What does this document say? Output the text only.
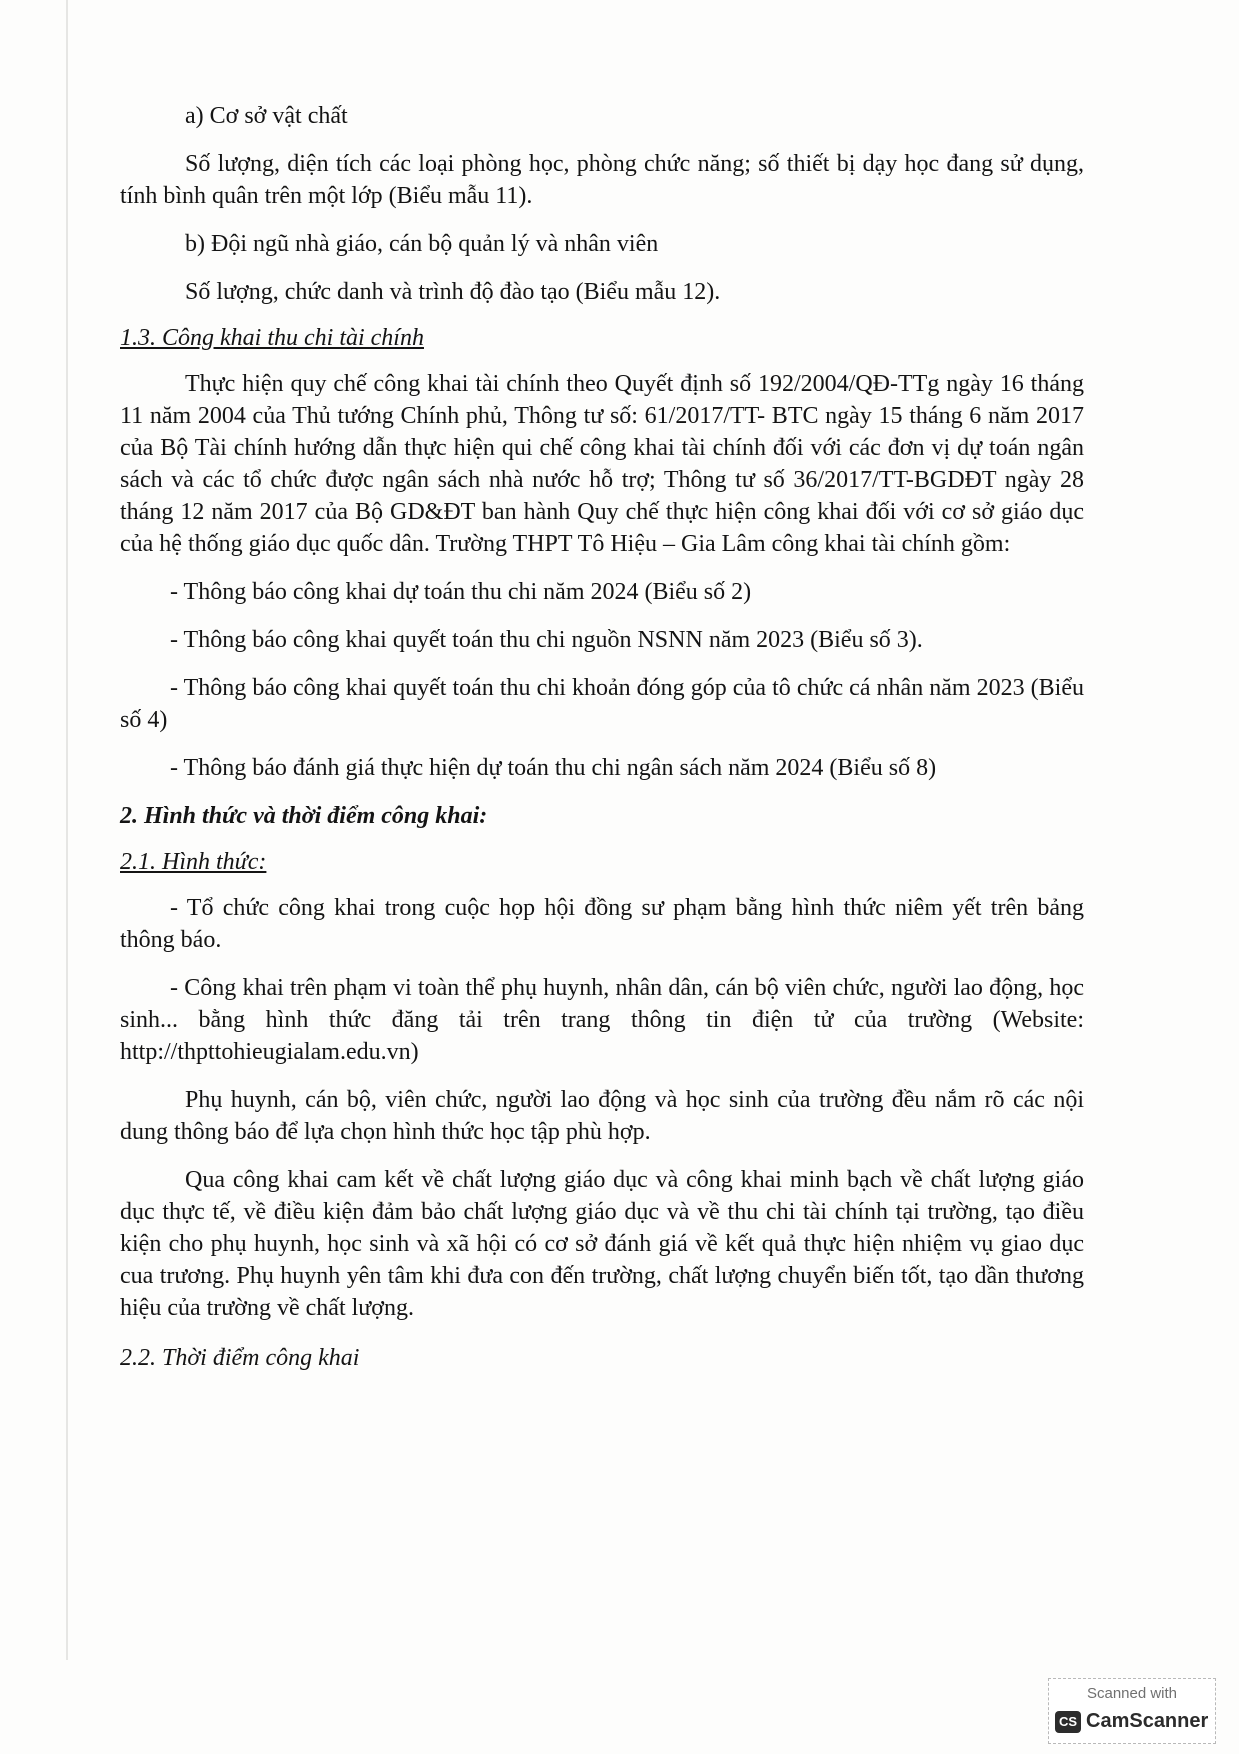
a) Cơ sở vật chất

Số lượng, diện tích các loại phòng học, phòng chức năng; số thiết bị dạy học đang sử dụng, tính bình quân trên một lớp (Biểu mẫu 11).

b) Đội ngũ nhà giáo, cán bộ quản lý và nhân viên

Số lượng, chức danh và trình độ đào tạo (Biểu mẫu 12).

1.3. Công khai thu chi tài chính

Thực hiện quy chế công khai tài chính theo Quyết định số 192/2004/QĐ-TTg ngày 16 tháng 11 năm 2004 của Thủ tướng Chính phủ, Thông tư số: 61/2017/TT- BTC ngày 15 tháng 6 năm 2017 của Bộ Tài chính hướng dẫn thực hiện qui chế công khai tài chính đối với các đơn vị dự toán ngân sách và các tổ chức được ngân sách nhà nước hỗ trợ; Thông tư số 36/2017/TT-BGDĐT ngày 28 tháng 12 năm 2017 của Bộ GD&ĐT ban hành Quy chế thực hiện công khai đối với cơ sở giáo dục của hệ thống giáo dục quốc dân. Trường THPT Tô Hiệu – Gia Lâm công khai tài chính gồm:

- Thông báo công khai dự toán thu chi năm 2024 (Biểu số 2)

- Thông báo công khai quyết toán thu chi nguồn NSNN năm 2023 (Biểu số 3).

- Thông báo công khai quyết toán thu chi khoản đóng góp của tô chức cá nhân năm 2023 (Biểu số 4)

- Thông báo đánh giá thực hiện dự toán thu chi ngân sách năm 2024 (Biểu số 8)

2. Hình thức và thời điểm công khai:

2.1. Hình thức:

- Tổ chức công khai trong cuộc họp hội đồng sư phạm bằng hình thức niêm yết trên bảng thông báo.

- Công khai trên phạm vi toàn thể phụ huynh, nhân dân, cán bộ viên chức, người lao động, học sinh... bằng hình thức đăng tải trên trang thông tin điện tử của trường (Website: http://thpttohieugialam.edu.vn)

Phụ huynh, cán bộ, viên chức, người lao động và học sinh của trường đều nắm rõ các nội dung thông báo để lựa chọn hình thức học tập phù hợp.

Qua công khai cam kết về chất lượng giáo dục và công khai minh bạch về chất lượng giáo dục thực tế, về điều kiện đảm bảo chất lượng giáo dục và về thu chi tài chính tại trường, tạo điều kiện cho phụ huynh, học sinh và xã hội có cơ sở đánh giá về kết quả thực hiện nhiệm vụ giao dục cua trương. Phụ huynh yên tâm khi đưa con đến trường, chất lượng chuyển biến tốt, tạo dần thương hiệu của trường về chất lượng.

2.2. Thời điểm công khai

Scanned with
CS CamScanner
